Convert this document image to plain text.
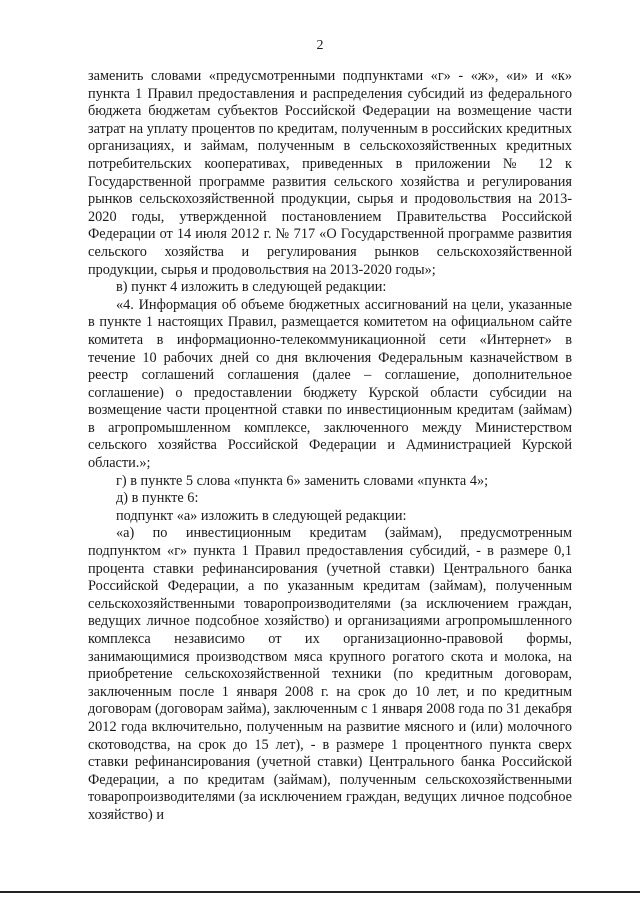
2

заменить словами «предусмотренными подпунктами «г» - «ж», «и» и «к» пункта 1 Правил предоставления и распределения субсидий из федерального бюджета бюджетам субъектов Российской Федерации на возмещение части затрат на уплату процентов по кредитам, полученным в российских кредитных организациях, и займам, полученным в сельскохозяйственных кредитных потребительских кооперативах, приведенных в приложении № 12 к Государственной программе развития сельского хозяйства и регулирования рынков сельскохозяйственной продукции, сырья и продовольствия на 2013-2020 годы, утвержденной постановлением Правительства Российской Федерации от 14 июля 2012 г. № 717 «О Государственной программе развития сельского хозяйства и регулирования рынков сельскохозяйственной продукции, сырья и продовольствия на 2013-2020 годы»;

в) пункт 4 изложить в следующей редакции:

«4. Информация об объеме бюджетных ассигнований на цели, указанные в пункте 1 настоящих Правил, размещается комитетом на официальном сайте комитета в информационно-телекоммуникационной сети «Интернет» в течение 10 рабочих дней со дня включения Федеральным казначейством в реестр соглашений соглашения (далее – соглашение, дополнительное соглашение) о предоставлении бюджету Курской области субсидии на возмещение части процентной ставки по инвестиционным кредитам (займам) в агропромышленном комплексе, заключенного между Министерством сельского хозяйства Российской Федерации и Администрацией Курской области.»;

г) в пункте 5 слова «пункта 6» заменить словами «пункта 4»;

д) в пункте 6:

подпункт «а» изложить в следующей редакции:

«а) по инвестиционным кредитам (займам), предусмотренным подпунктом «г» пункта 1 Правил предоставления субсидий, - в размере 0,1 процента ставки рефинансирования (учетной ставки) Центрального банка Российской Федерации, а по указанным кредитам (займам), полученным сельскохозяйственными товаропроизводителями (за исключением граждан, ведущих личное подсобное хозяйство) и организациями агропромышленного комплекса независимо от их организационно-правовой формы, занимающимися производством мяса крупного рогатого скота и молока, на приобретение сельскохозяйственной техники (по кредитным договорам, заключенным после 1 января 2008 г. на срок до 10 лет, и по кредитным договорам (договорам займа), заключенным с 1 января 2008 года по 31 декабря 2012 года включительно, полученным на развитие мясного и (или) молочного скотоводства, на срок до 15 лет), - в размере 1 процентного пункта сверх ставки рефинансирования (учетной ставки) Центрального банка Российской Федерации, а по кредитам (займам), полученным сельскохозяйственными товаропроизводителями (за исключением граждан, ведущих личное подсобное хозяйство) и
